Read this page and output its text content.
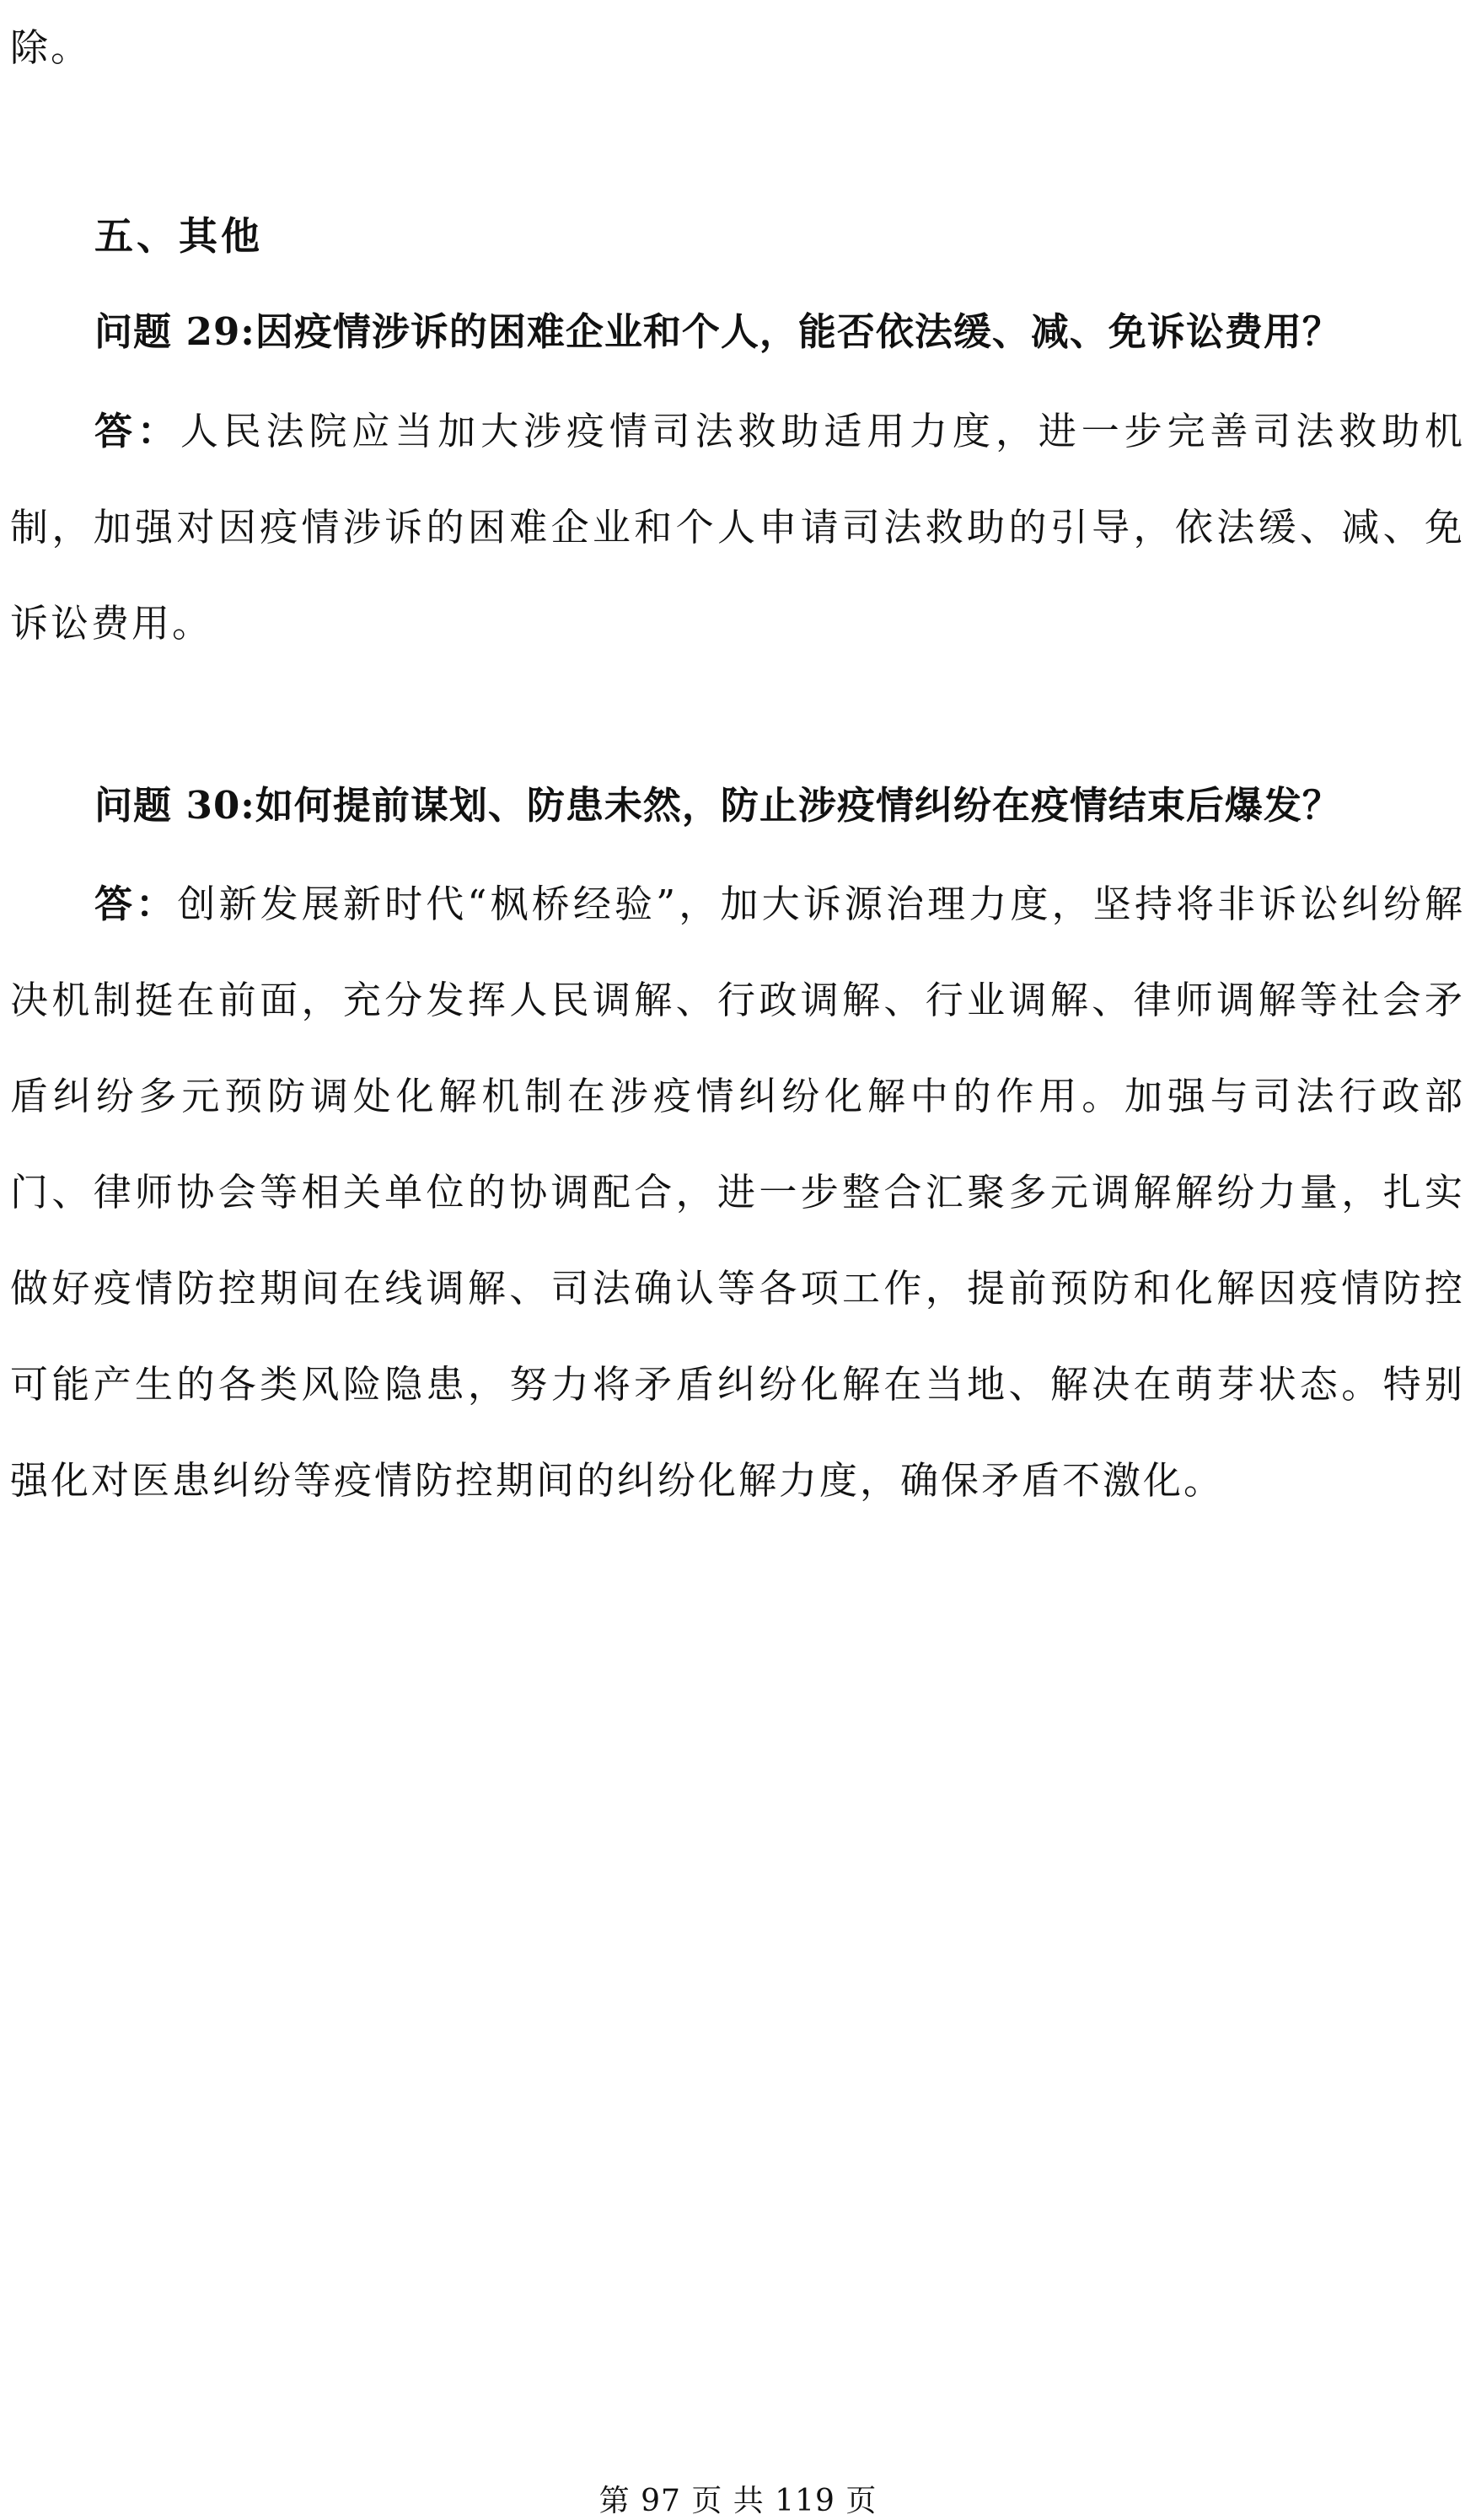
除。

五、其他

问题 29:因疫情涉诉的困难企业和个人，能否依法缓、减、免诉讼费用？

答：人民法院应当加大涉疫情司法救助适用力度，进一步完善司法救助机制，加强对因疫情涉诉的困难企业和个人申请司法救助的引导，依法缓、减、免诉讼费用。

问题 30:如何提前谋划、防患未然，防止涉疫情纠纷在疫情结束后爆发？

答：创新发展新时代“枫桥经验”，加大诉源治理力度，坚持将非诉讼纠纷解决机制挺在前面，充分发挥人民调解、行政调解、行业调解、律师调解等社会矛盾纠纷多元预防调处化解机制在涉疫情纠纷化解中的作用。加强与司法行政部门、律师协会等相关单位的协调配合，进一步整合汇聚多元调解解纷力量，扎实做好疫情防控期间在线调解、司法确认等各项工作，提前预防和化解因疫情防控可能产生的各类风险隐患，努力将矛盾纠纷化解在当地、解决在萌芽状态。特别强化对医患纠纷等疫情防控期间的纠纷化解力度，确保矛盾不激化。

第 97 页 共 119 页
